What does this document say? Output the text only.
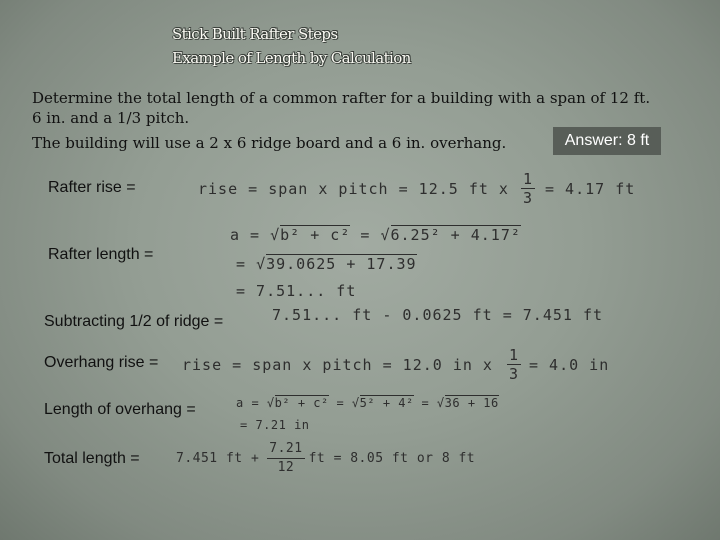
Stick Built Rafter Steps
Example of Length by Calculation
Determine the total length of a common rafter for a building with a span of 12 ft.
6 in. and a 1/3 pitch.
The building will use a 2 x 6 ridge board and a 6 in. overhang.	Answer: 8 ft
Rafter rise =	rise = span x pitch = 12.5 ft x $\frac{1}{3} = 4.17$ ft
Rafter length =
a = √b² + c² = √6.25² + 4.17²
= √39.0625 + 17.39
= 7.51... ft
Subtracting 1/2 of ridge =	7.51... ft - 0.0625 ft = 7.451 ft
Overhang rise = rise = span x pitch = 12.0 in x $\frac{1}{3} = 4.0$ in
Length of overhang =	a = √b² + c² = √5² + 4² = √36 + 16
= 7.21 in
Total length =	7.451 ft + $\frac{7.21}{12}$ ft = 8.05 ft or 8 ft
